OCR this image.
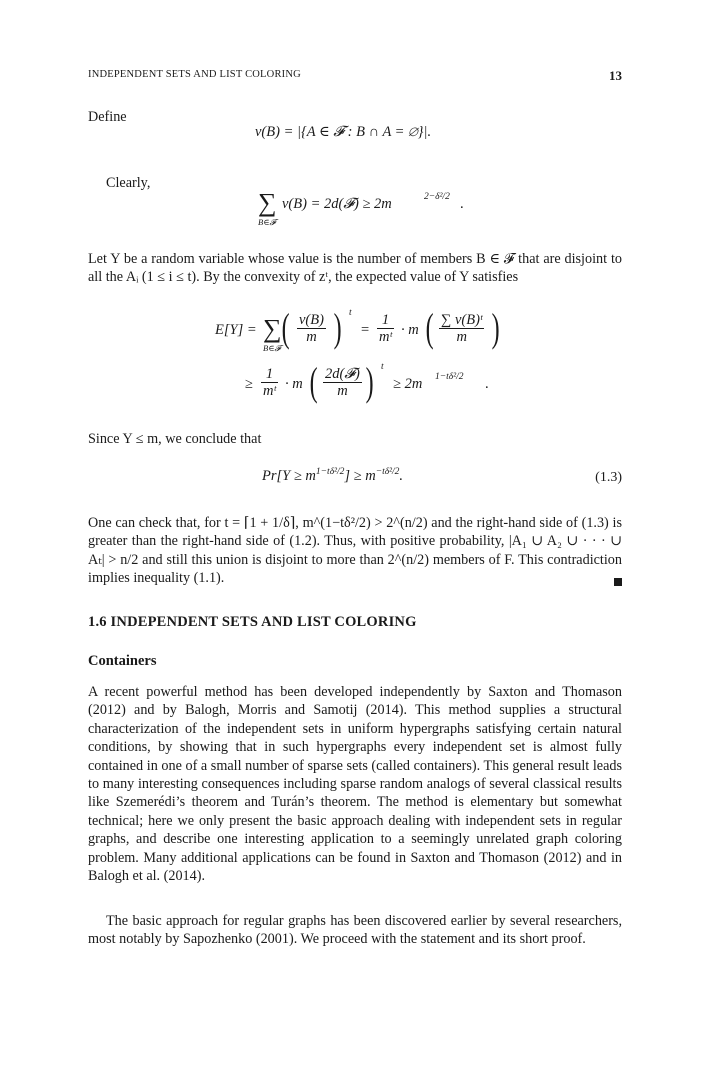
INDEPENDENT SETS AND LIST COLORING	13
Define
v(B) = |{A ∈ 𝓕 : B ∩ A = ∅}|.
Clearly,
∑
B∈𝓕
v(B) = 2d(𝓕) ≥ 2m	2−δ²/2 .
Let Y be a random variable whose value is the number of members B ∈ 𝓕 that are disjoint to all the Aᵢ (1 ≤ i ≤ t). By the convexity of zᵗ, the expected value of Y satisfies
E[Y] = ∑
B∈𝓕 ( $\frac{v(B)}{m}$ ) t
= $\frac{1}{\text{mᵗ}} \cdot m$ ( $\frac{\text{∑ v(B)ᵗ}}{m}$ )
≥ $\frac{1}{\text{mᵗ}} \cdot m$ ( 2d(𝓕)
m ) t
≥ 2m 1−tδ²/2 .
Since Y ≤ m, we conclude that
$Pr[Y \ge m^{1-t\delta^2/2}] \ge m^{-t\delta^2/2}$.	(1.3)
One can check that, for t = ⌈1 + 1/δ⌉, m^(1−tδ²/2) > 2^(n/2) and the right-hand side of (1.3) is greater than the right-hand side of (1.2). Thus, with positive probability, |A₁ ∪ A₂ ∪ · · · ∪ Aₜ| > n/2 and still this union is disjoint to more than 2^(n/2) members of F. This contradiction implies inequality (1.1).
1.6 INDEPENDENT SETS AND LIST COLORING
Containers
A recent powerful method has been developed independently by Saxton and Thomason (2012) and by Balogh, Morris and Samotij (2014). This method supplies a structural characterization of the independent sets in uniform hypergraphs satisfying certain natural conditions, by showing that in such hypergraphs every independent set is almost fully contained in one of a small number of sparse sets (called containers). This general result leads to many interesting consequences including sparse random analogs of several classical results like Szemerédi’s theorem and Turán’s theorem. The method is elementary but somewhat technical; here we only present the basic approach dealing with independent sets in regular graphs, and describe one interesting application to a seemingly unrelated graph coloring problem. Many additional applications can be found in Saxton and Thomason (2012) and in Balogh et al. (2014).
The basic approach for regular graphs has been discovered earlier by several researchers, most notably by Sapozhenko (2001). We proceed with the statement and its short proof.
